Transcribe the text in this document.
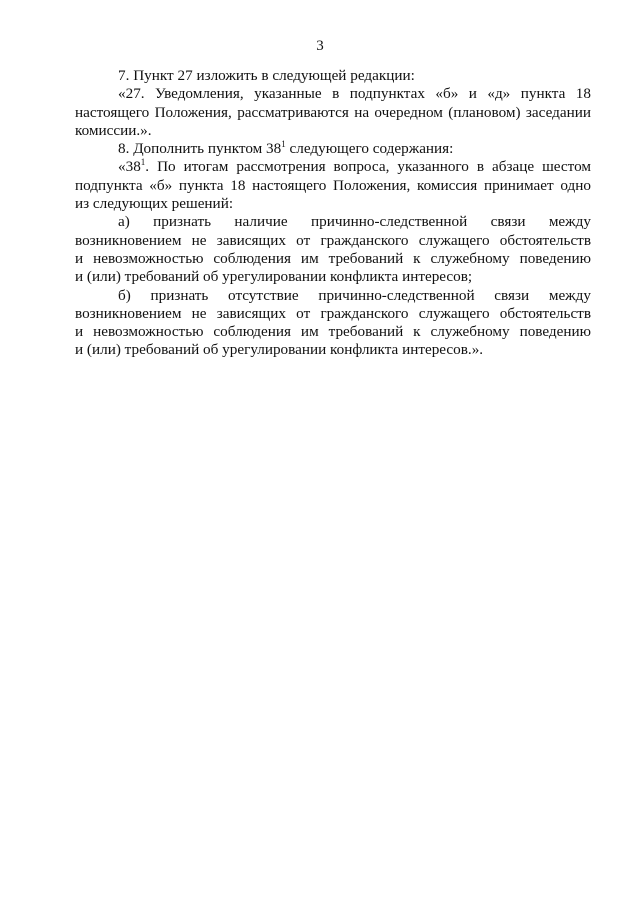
3
7. Пункт 27 изложить в следующей редакции:
«27. Уведомления, указанные в подпунктах «б» и «д» пункта 18
настоящего Положения, рассматриваются на очередном (плановом) заседании
комиссии.».
8. Дополнить пунктом $38^1$ следующего содержания:
«$38^1$. По итогам рассмотрения вопроса, указанного в абзаце шестом
подпункта «б» пункта 18 настоящего Положения, комиссия принимает одно
из следующих решений:
а) признать наличие причинно-следственной связи между
возникновением не зависящих от гражданского служащего обстоятельств
и невозможностью соблюдения им требований к служебному поведению
и (или) требований об урегулировании конфликта интересов;
б) признать отсутствие причинно-следственной связи между
возникновением не зависящих от гражданского служащего обстоятельств
и невозможностью соблюдения им требований к служебному поведению
и (или) требований об урегулировании конфликта интересов.».
